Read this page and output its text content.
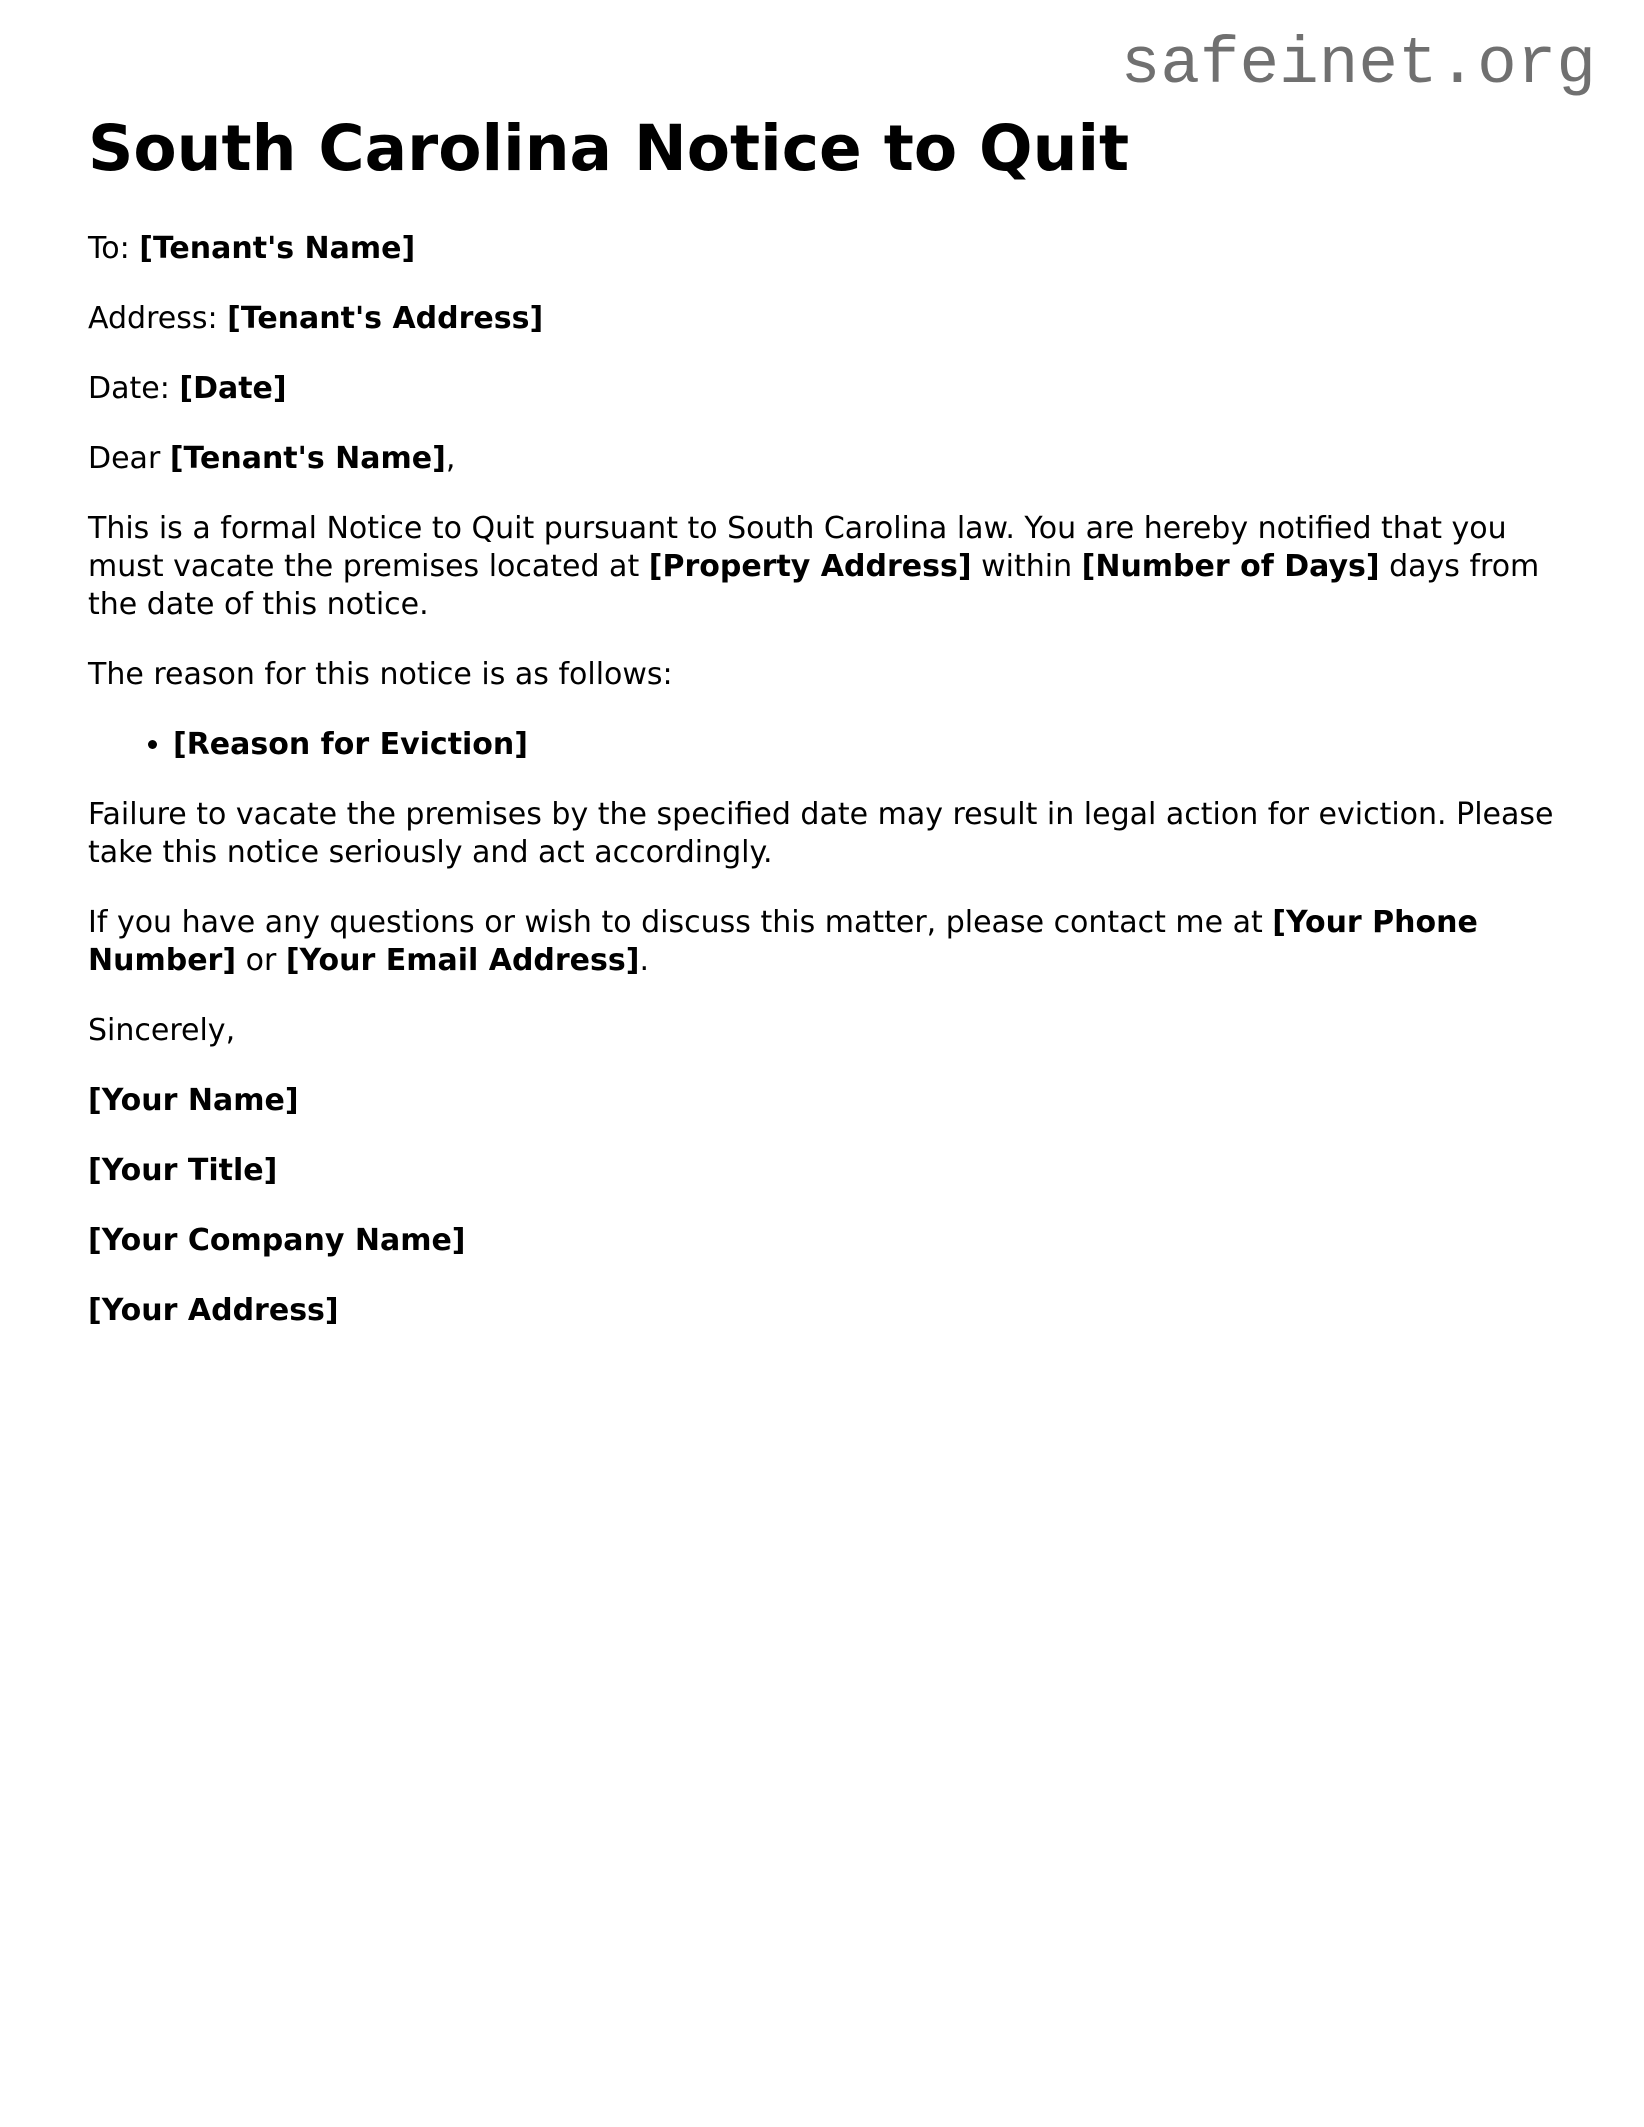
safeinet.org
South Carolina Notice to Quit

To: [Tenant's Name]

Address: [Tenant's Address]

Date: [Date]

Dear [Tenant's Name],

This is a formal Notice to Quit pursuant to South Carolina law. You are hereby notified that you must vacate the premises located at [Property Address] within [Number of Days] days from the date of this notice.

The reason for this notice is as follows:

• [Reason for Eviction]

Failure to vacate the premises by the specified date may result in legal action for eviction. Please take this notice seriously and act accordingly.

If you have any questions or wish to discuss this matter, please contact me at [Your Phone Number] or [Your Email Address].

Sincerely,

[Your Name]

[Your Title]

[Your Company Name]

[Your Address]
